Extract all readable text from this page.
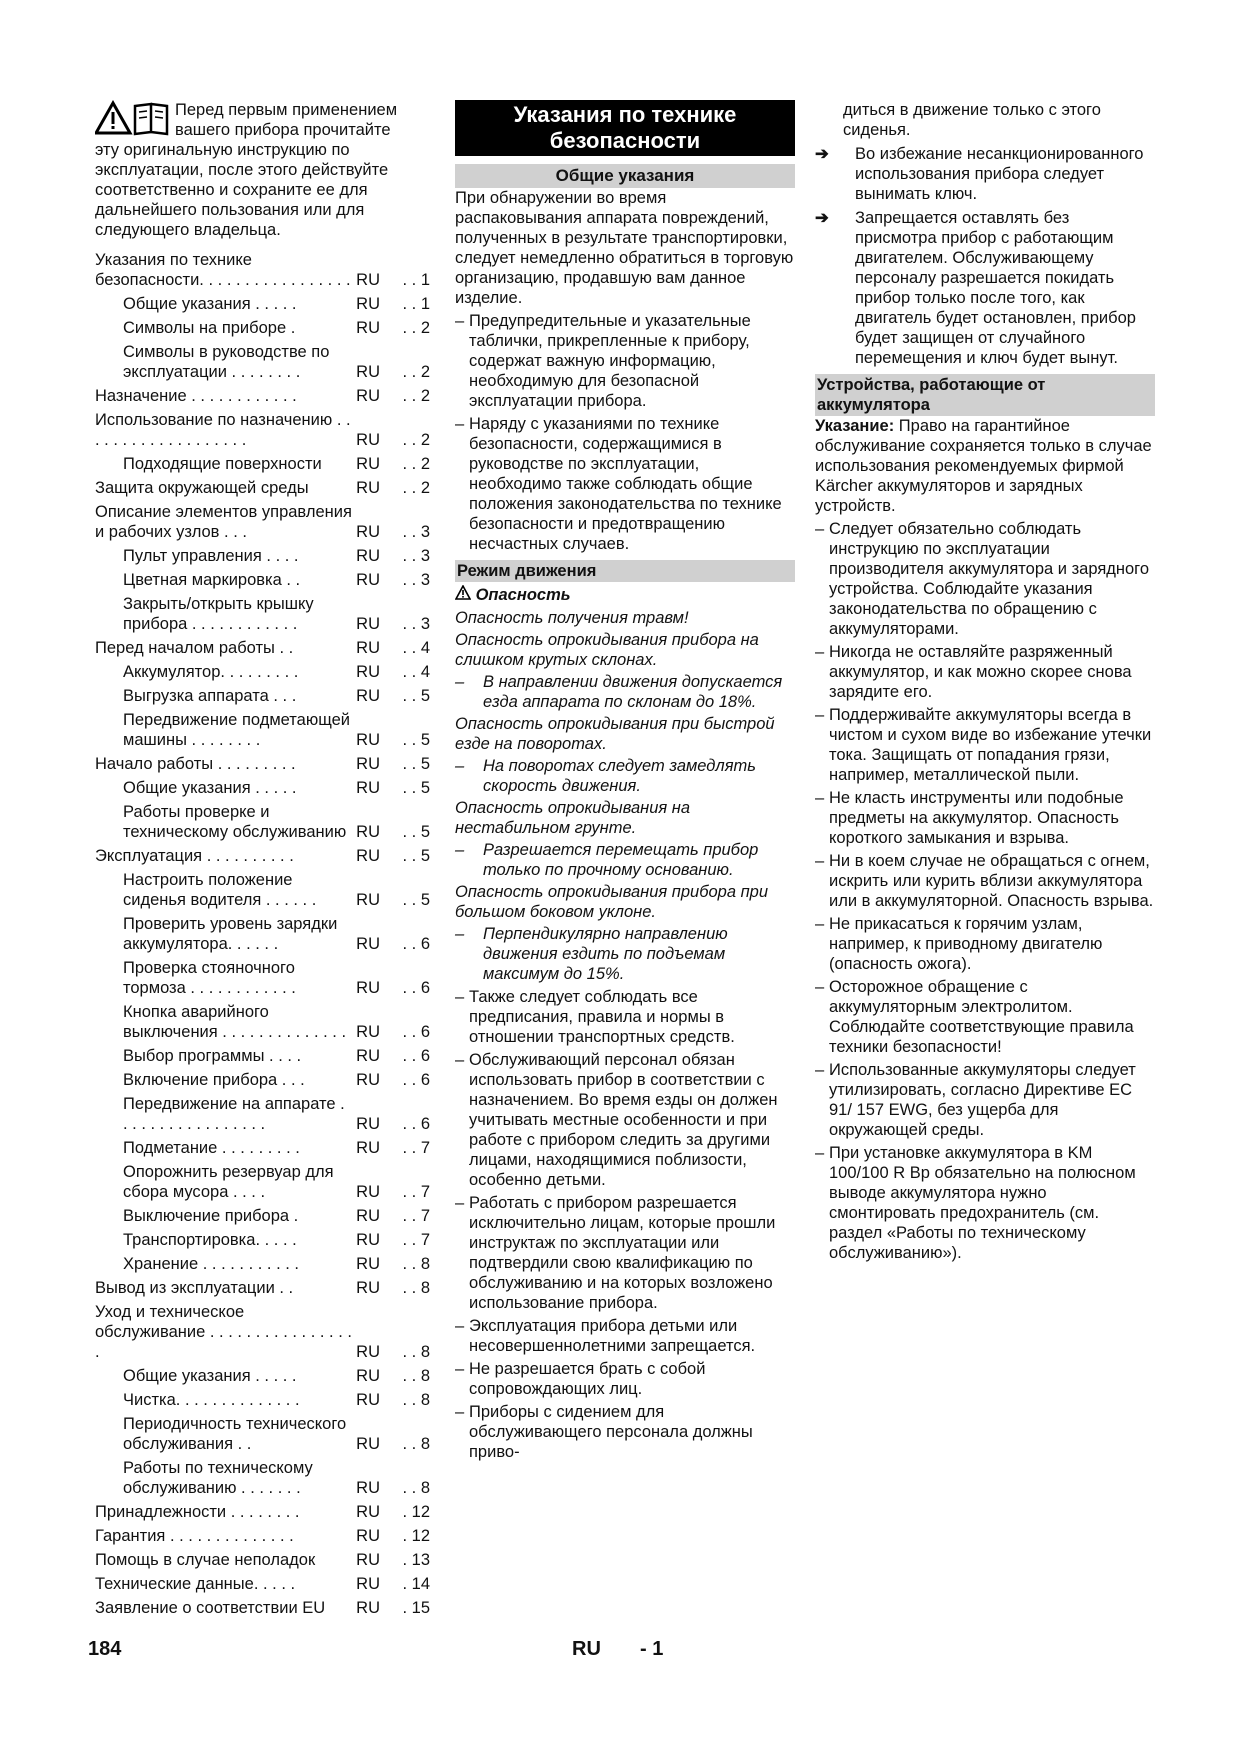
Перед первым применением вашего прибора прочитайте

эту оригинальную инструкцию по эксплуатации, после этого действуйте соответственно и сохраните ее для дальнейшего пользования или для следующего владельца.

Указания по технике безопасности. . . . . . . . . . . . . . . . . RU	. . 1
Общие указания . . . . .	RU	. . 1
Символы на приборе .	RU	. . 2
Символы в руководстве по эксплуатации . . . . . . . .	RU	. . 2
Назначение . . . . . . . . . . . .	RU	. . 2
Использование по назначению . . . . . . . . . . . . . . . . . . .	RU	. . 2
Подходящие поверхности	RU	. . 2
Защита окружающей среды	RU	. . 2
Описание элементов управления и рабочих узлов . . .	RU	. . 3
Пульт управления . . . .	RU	. . 3
Цветная маркировка . .	RU	. . 3
Закрыть/открыть крышку прибора . . . . . . . . . . . .	RU	. . 3
Перед началом работы . .	RU	. . 4
Аккумулятор. . . . . . . . .	RU	. . 4
Выгрузка аппарата . . .	RU	. . 5
Передвижение подметающей машины . . . . . . . .	RU	. . 5
Начало работы . . . . . . . . .	RU	. . 5
Общие указания . . . . .	RU	. . 5
Работы проверке и техническому обслуживанию RU	. . 5
Эксплуатация . . . . . . . . . .	RU	. . 5
Настроить положение сиденья водителя . . . . . .	RU	. . 5
Проверить уровень зарядки аккумулятора. . . . . .	RU	. . 6
Проверка стояночного тормоза . . . . . . . . . . . .	RU	. . 6
Кнопка аварийного выключения . . . . . . . . . . . . . . RU	. . 6
Выбор программы . . . .	RU	. . 6
Включение прибора . . .	RU	. . 6
Передвижение на аппарате . . . . . . . . . . . . . . . . .	RU	. . 6
Подметание . . . . . . . . .	RU	. . 7
Опорожнить резервуар для сбора мусора . . . .	RU	. . 7
Выключение прибора .	RU	. . 7
Транспортировка. . . . .	RU	. . 7
Хранение . . . . . . . . . . .	RU	. . 8
Вывод из эксплуатации . .	RU	. . 8
Уход и техническое обслуживание . . . . . . . . . . . . . . . . .	RU	. . 8
Общие указания . . . . .	RU	. . 8
Чистка. . . . . . . . . . . . . .	RU	. . 8
Периодичность технического обслуживания . .	RU	. . 8
Работы по техническому обслуживанию . . . . . . .	RU	. . 8
Принадлежности . . . . . . . .	RU	. 12
Гарантия . . . . . . . . . . . . . .	RU	. 12
Помощь в случае неполадок	RU	. 13
Технические данные. . . . .	RU	. 14
Заявление о соответствии EU	RU	. 15
Указания по технике безопасности
Общие указания

При обнаружении во время распаковывания аппарата повреждений, полученных в результате транспортировки, следует немедленно обратиться в торговую организацию, продавшую вам данное изделие.

– Предупредительные и указательные таблички, прикрепленные к прибору, содержат важную информацию, необходимую для безопасной эксплуатации прибора.
– Наряду с указаниями по технике безопасности, содержащимися в руководстве по эксплуатации, необходимо также соблюдать общие положения законодательства по технике безопасности и предотвращению несчастных случаев.
Режим движения
Опасность

Опасность получения травм!

Опасность опрокидывания прибора на слишком крутых склонах.

–	В направлении движения допускается езда аппарата по склонам до 18%.

Опасность опрокидывания при быстрой езде на поворотах.

–	На поворотах следует замедлять скорость движения.

Опасность опрокидывания на нестабильном грунте.

–	Разрешается перемещать прибор только по прочному основанию.

Опасность опрокидывания прибора при большом боковом уклоне.

–	Перпендикулярно направлению движения ездить по подъемам максимум до 15%.
– Также следует соблюдать все предписания, правила и нормы в отношении транспортных средств.
– Обслуживающий персонал обязан использовать прибор в соответствии с назначением. Во время езды он должен учитывать местные особенности и при работе с прибором следить за другими лицами, находящимися поблизости, особенно детьми.
– Работать с прибором разрешается исключительно лицам, которые прошли инструктаж по эксплуатации или подтвердили свою квалификацию по обслуживанию и на которых возложено использование прибора.
– Эксплуатация прибора детьми или несовершеннолетними запрещается.
– Не разрешается брать с собой сопровождающих лиц.
– Приборы с сидением для обслуживающего персонала должны приво-

диться в движение только с этого сиденья.

➔	Во избежание несанкционированного использования прибора следует вынимать ключ.
➔	Запрещается оставлять без присмотра прибор с работающим двигателем. Обслуживающему персоналу разрешается покидать прибор только после того, как двигатель будет остановлен, прибор будет защищен от случайного перемещения и ключ будет вынут.
Устройства, работающие от аккумулятора

Указание: Право на гарантийное обслуживание сохраняется только в случае использования рекомендуемых фирмой Kärcher аккумуляторов и зарядных устройств.

– Следует обязательно соблюдать инструкцию по эксплуатации производителя аккумулятора и зарядного устройства. Соблюдайте указания законодательства по обращению с аккумуляторами.
– Никогда не оставляйте разряженный аккумулятор, и как можно скорее снова зарядите его.
– Поддерживайте аккумуляторы всегда в чистом и сухом виде во избежание утечки тока. Защищать от попадания грязи, например, металлической пыли.
– Не класть инструменты или подобные предметы на аккумулятор. Опасность короткого замыкания и взрыва.
– Ни в коем случае не обращаться с огнем, искрить или курить вблизи аккумулятора или в аккумуляторной. Опасность взрыва.
– Не прикасаться к горячим узлам, например, к приводному двигателю (опасность ожога).
– Осторожное обращение с аккумуляторным электролитом. Соблюдайте соответствующие правила техники безопасности!
– Использованные аккумуляторы следует утилизировать, согласно Директиве ЕС 91/ 157 EWG, без ущерба для окружающей среды.
– При установке аккумулятора в KM 100/100 R Bp обязательно на полюсном выводе аккумулятора нужно смонтировать предохранитель (см. раздел «Работы по техническому обслуживанию»).
184	RU - 1
